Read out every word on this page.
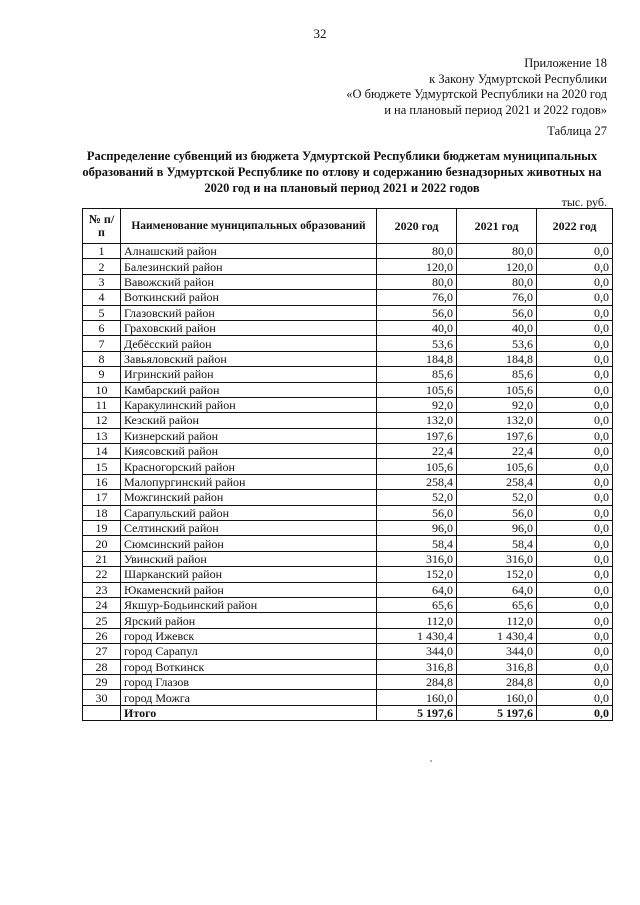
32
Приложение 18
к Закону Удмуртской Республики
«О бюджете Удмуртской Республики на 2020 год
и на плановый период 2021 и 2022 годов»
Таблица 27
Распределение субвенций из бюджета Удмуртской Республики бюджетам муниципальных образований в Удмуртской Республике по отлову и содержанию безнадзорных животных на 2020 год и на плановый период 2021 и 2022 годов
тыс. руб.
№ п/п	Наименование муниципальных образований	2020 год	2021 год	2022 год
1	Алнашский район	80,0	80,0	0,0
2	Балезинский район	120,0	120,0	0,0
3	Вавожский район	80,0	80,0	0,0
4	Воткинский район	76,0	76,0	0,0
5	Глазовский район	56,0	56,0	0,0
6	Граховский район	40,0	40,0	0,0
7	Дебёсский район	53,6	53,6	0,0
8	Завьяловский район	184,8	184,8	0,0
9	Игринский район	85,6	85,6	0,0
10	Камбарский район	105,6	105,6	0,0
11	Каракулинский район	92,0	92,0	0,0
12	Кезский район	132,0	132,0	0,0
13	Кизнерский район	197,6	197,6	0,0
14	Киясовский район	22,4	22,4	0,0
15	Красногорский район	105,6	105,6	0,0
16	Малопургинский район	258,4	258,4	0,0
17	Можгинский район	52,0	52,0	0,0
18	Сарапульский район	56,0	56,0	0,0
19	Селтинский район	96,0	96,0	0,0
20	Сюмсинский район	58,4	58,4	0,0
21	Увинский район	316,0	316,0	0,0
22	Шарканский район	152,0	152,0	0,0
23	Юкаменский район	64,0	64,0	0,0
24	Якшур-Бодьинский район	65,6	65,6	0,0
25	Ярский район	112,0	112,0	0,0
26	город Ижевск	1 430,4	1 430,4	0,0
27	город Сарапул	344,0	344,0	0,0
28	город Воткинск	316,8	316,8	0,0
29	город Глазов	284,8	284,8	0,0
30	город Можга	160,0	160,0	0,0
	Итого	5 197,6	5 197,6	0,0
